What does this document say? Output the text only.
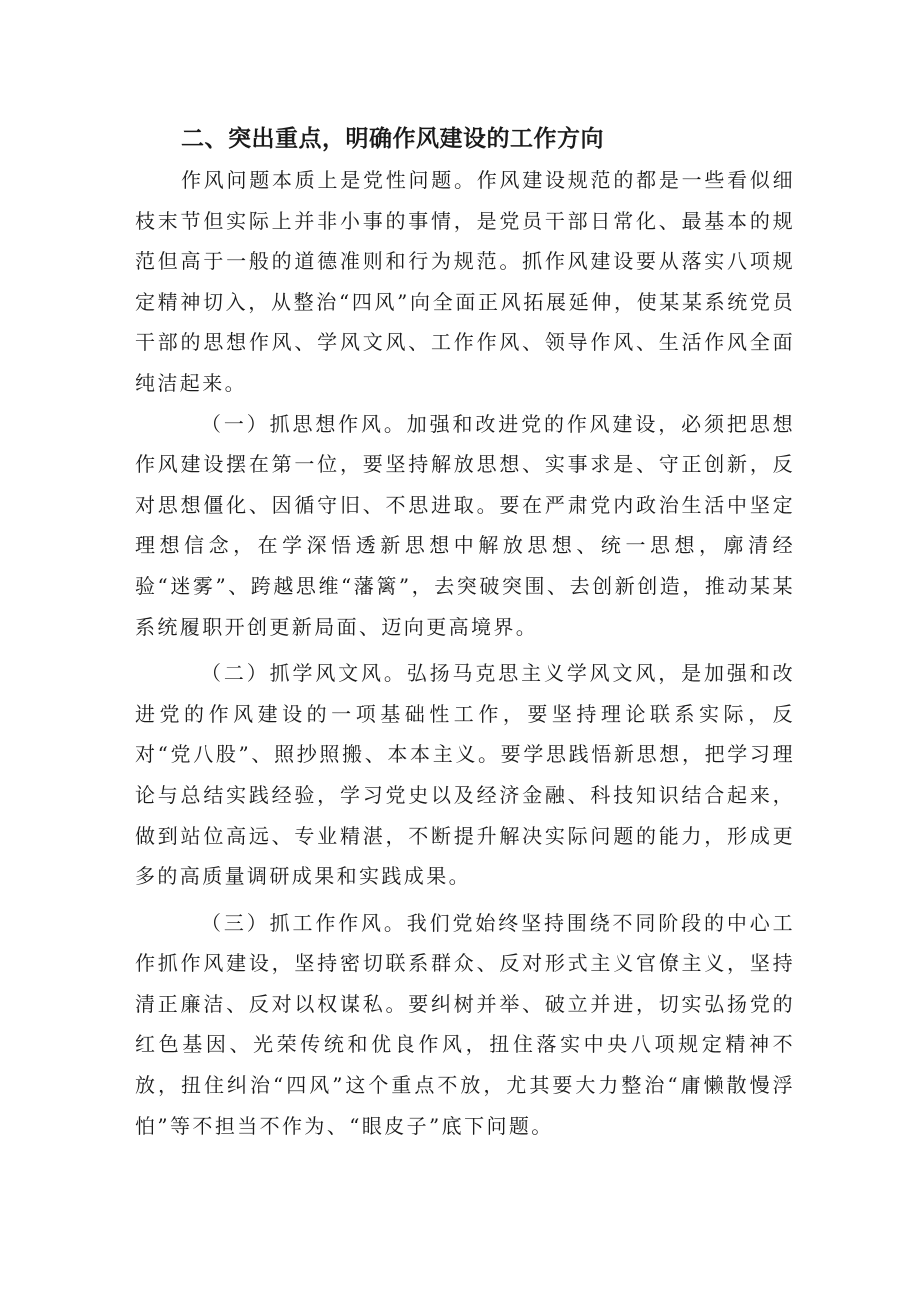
二、突出重点，明确作风建设的工作方向

作风问题本质上是党性问题。作风建设规范的都是一些看似细枝末节但实际上并非小事的事情，是党员干部日常化、最基本的规范但高于一般的道德准则和行为规范。抓作风建设要从落实八项规定精神切入，从整治“四风”向全面正风拓展延伸，使某某系统党员干部的思想作风、学风文风、工作作风、领导作风、生活作风全面纯洁起来。

（一）抓思想作风。加强和改进党的作风建设，必须把思想作风建设摆在第一位，要坚持解放思想、实事求是、守正创新，反对思想僵化、因循守旧、不思进取。要在严肃党内政治生活中坚定理想信念，在学深悟透新思想中解放思想、统一思想，廓清经验“迷雾”、跨越思维“藩篱”，去突破突围、去创新创造，推动某某系统履职开创更新局面、迈向更高境界。

（二）抓学风文风。弘扬马克思主义学风文风，是加强和改进党的作风建设的一项基础性工作，要坚持理论联系实际，反对“党八股”、照抄照搬、本本主义。要学思践悟新思想，把学习理论与总结实践经验，学习党史以及经济金融、科技知识结合起来，做到站位高远、专业精湛，不断提升解决实际问题的能力，形成更多的高质量调研成果和实践成果。

（三）抓工作作风。我们党始终坚持围绕不同阶段的中心工作抓作风建设，坚持密切联系群众、反对形式主义官僚主义，坚持清正廉洁、反对以权谋私。要纠树并举、破立并进，切实弘扬党的红色基因、光荣传统和优良作风，扭住落实中央八项规定精神不放，扭住纠治“四风”这个重点不放，尤其要大力整治“庸懒散慢浮怕”等不担当不作为、“眼皮子”底下问题。
